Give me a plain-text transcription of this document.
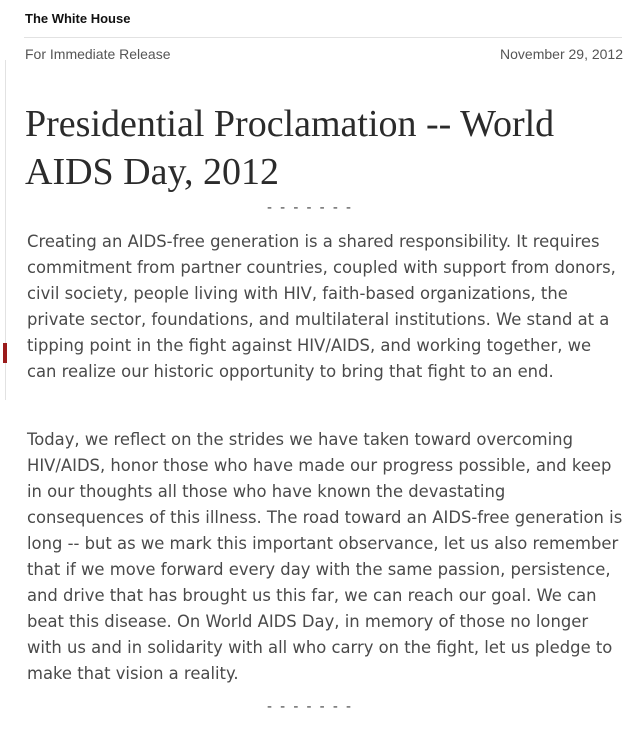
The White House
For Immediate Release	November 29, 2012
Presidential Proclamation -- World AIDS Day, 2012
- - - - - - -

Creating an AIDS-free generation is a shared responsibility. It requires commitment from partner countries, coupled with support from donors, civil society, people living with HIV, faith-based organizations, the private sector, foundations, and multilateral institutions. We stand at a tipping point in the fight against HIV/AIDS, and working together, we can realize our historic opportunity to bring that fight to an end.

Today, we reflect on the strides we have taken toward overcoming HIV/AIDS, honor those who have made our progress possible, and keep in our thoughts all those who have known the devastating consequences of this illness. The road toward an AIDS-free generation is long -- but as we mark this important observance, let us also remember that if we move forward every day with the same passion, persistence, and drive that has brought us this far, we can reach our goal. We can beat this disease. On World AIDS Day, in memory of those no longer with us and in solidarity with all who carry on the fight, let us pledge to make that vision a reality.

- - - - - - -
